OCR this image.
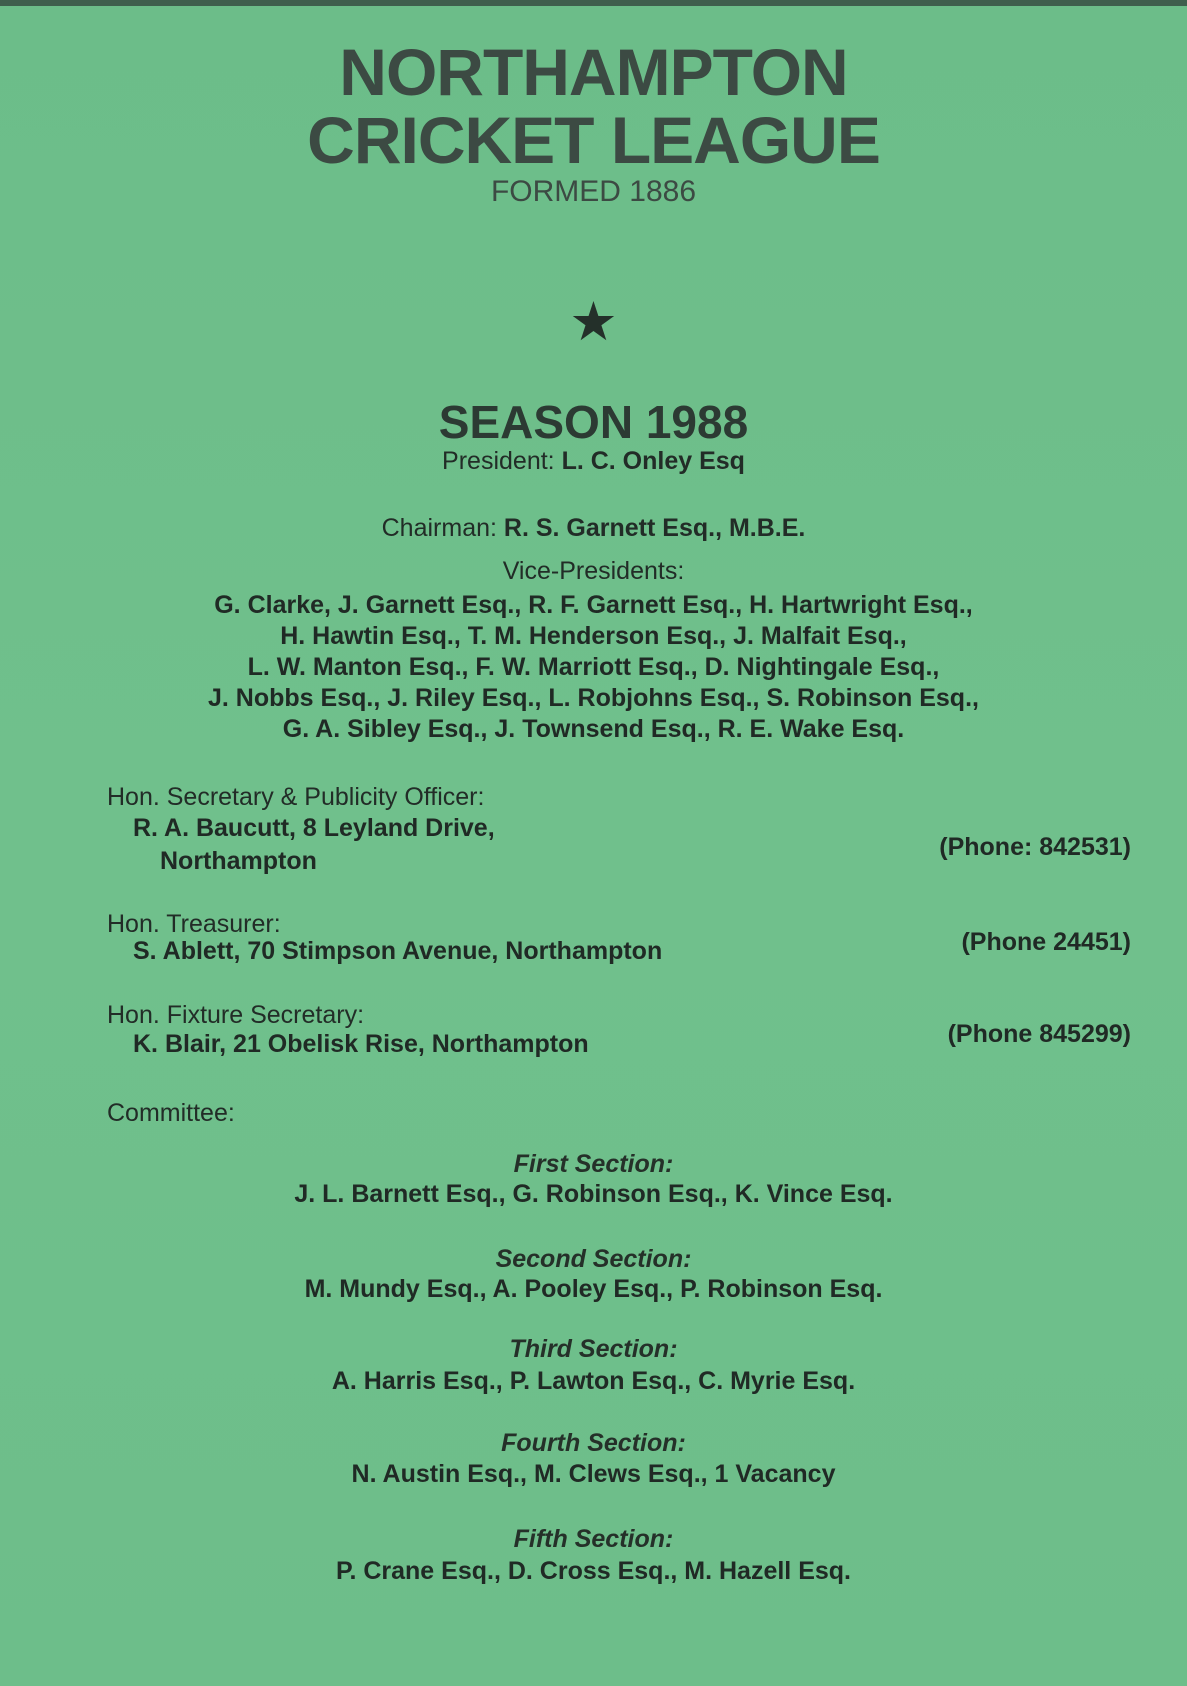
NORTHAMPTON
CRICKET LEAGUE
FORMED 1886
★
SEASON 1988
President: L. C. Onley Esq
Chairman: R. S. Garnett Esq., M.B.E.
Vice-Presidents:
G. Clarke, J. Garnett Esq., R. F. Garnett Esq., H. Hartwright Esq.,
H. Hawtin Esq., T. M. Henderson Esq., J. Malfait Esq.,
L. W. Manton Esq., F. W. Marriott Esq., D. Nightingale Esq.,
J. Nobbs Esq., J. Riley Esq., L. Robjohns Esq., S. Robinson Esq.,
G. A. Sibley Esq., J. Townsend Esq., R. E. Wake Esq.
Hon. Secretary & Publicity Officer:
R. A. Baucutt, 8 Leyland Drive,
Northampton	(Phone: 842531)
Hon. Treasurer:
S. Ablett, 70 Stimpson Avenue, Northampton	(Phone 24451)
Hon. Fixture Secretary:
K. Blair, 21 Obelisk Rise, Northampton	(Phone 845299)
Committee:
First Section:
J. L. Barnett Esq., G. Robinson Esq., K. Vince Esq.
Second Section:
M. Mundy Esq., A. Pooley Esq., P. Robinson Esq.
Third Section:
A. Harris Esq., P. Lawton Esq., C. Myrie Esq.
Fourth Section:
N. Austin Esq., M. Clews Esq., 1 Vacancy
Fifth Section:
P. Crane Esq., D. Cross Esq., M. Hazell Esq.
